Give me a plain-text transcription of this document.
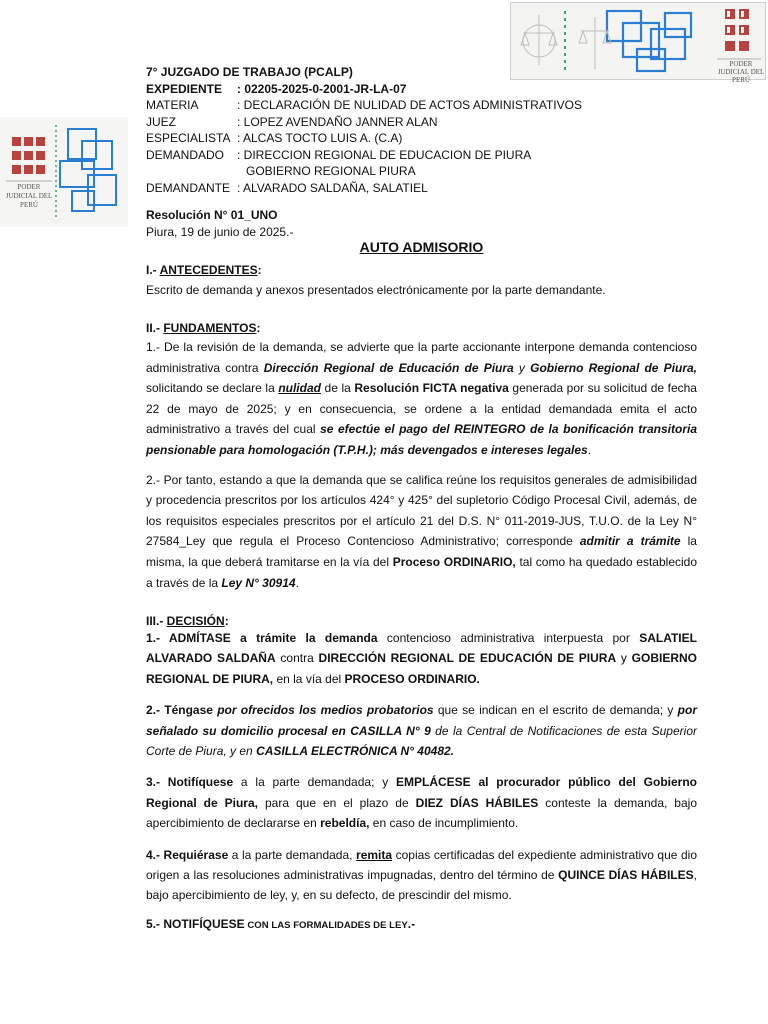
PODER JUDICIAL DEL PERÚ
PODER JUDICIAL DEL PERÚ
7° JUZGADO DE TRABAJO (PCALP)
EXPEDIENTE	: 02205-2025-0-2001-JR-LA-07
MATERIA	: DECLARACIÓN DE NULIDAD DE ACTOS ADMINISTRATIVOS
JUEZ	: LOPEZ AVENDAÑO JANNER ALAN
ESPECIALISTA : ALCAS TOCTO LUIS A. (C.A)
DEMANDADO	: DIRECCION REGIONAL DE EDUCACION DE PIURA
GOBIERNO REGIONAL PIURA
DEMANDANTE : ALVARADO SALDAÑA, SALATIEL
Resolución N° 01_UNO
Piura, 19 de junio de 2025.-
AUTO ADMISORIO
I.- ANTECEDENTES:
Escrito de demanda y anexos presentados electrónicamente por la parte demandante.
II.- FUNDAMENTOS:
1.- De la revisión de la demanda, se advierte que la parte accionante interpone demanda contencioso administrativa contra Dirección Regional de Educación de Piura y Gobierno Regional de Piura, solicitando se declare la nulidad de la Resolución FICTA negativa generada por su solicitud de fecha 22 de mayo de 2025; y en consecuencia, se ordene a la entidad demandada emita el acto administrativo a través del cual se efectúe el pago del REINTEGRO de la bonificación transitoria pensionable para homologación (T.P.H.); más devengados e intereses legales.
2.- Por tanto, estando a que la demanda que se califica reúne los requisitos generales de admisibilidad y procedencia prescritos por los artículos 424° y 425° del supletorio Código Procesal Civil, además, de los requisitos especiales prescritos por el artículo 21 del D.S. N° 011-2019-JUS, T.U.O. de la Ley N° 27584_Ley que regula el Proceso Contencioso Administrativo; corresponde admitir a trámite la misma, la que deberá tramitarse en la vía del Proceso ORDINARIO, tal como ha quedado establecido a través de la Ley N° 30914.
III.- DECISIÓN:
1.- ADMÍTASE a trámite la demanda contencioso administrativa interpuesta por SALATIEL ALVARADO SALDAÑA contra DIRECCIÓN REGIONAL DE EDUCACIÓN DE PIURA y GOBIERNO REGIONAL DE PIURA, en la vía del PROCESO ORDINARIO.
2.- Téngase por ofrecidos los medios probatorios que se indican en el escrito de demanda; y por señalado su domicilio procesal en CASILLA N° 9 de la Central de Notificaciones de esta Superior Corte de Piura, y en CASILLA ELECTRÓNICA N° 40482.
3.- Notifíquese a la parte demandada; y EMPLÁCESE al procurador público del Gobierno Regional de Piura, para que en el plazo de DIEZ DÍAS HÁBILES conteste la demanda, bajo apercibimiento de declararse en rebeldía, en caso de incumplimiento.
4.- Requiérase a la parte demandada, remita copias certificadas del expediente administrativo que dio origen a las resoluciones administrativas impugnadas, dentro del término de QUINCE DÍAS HÁBILES, bajo apercibimiento de ley, y, en su defecto, de prescindir del mismo.
5.- NOTIFÍQUESE CON LAS FORMALIDADES DE LEY.-
